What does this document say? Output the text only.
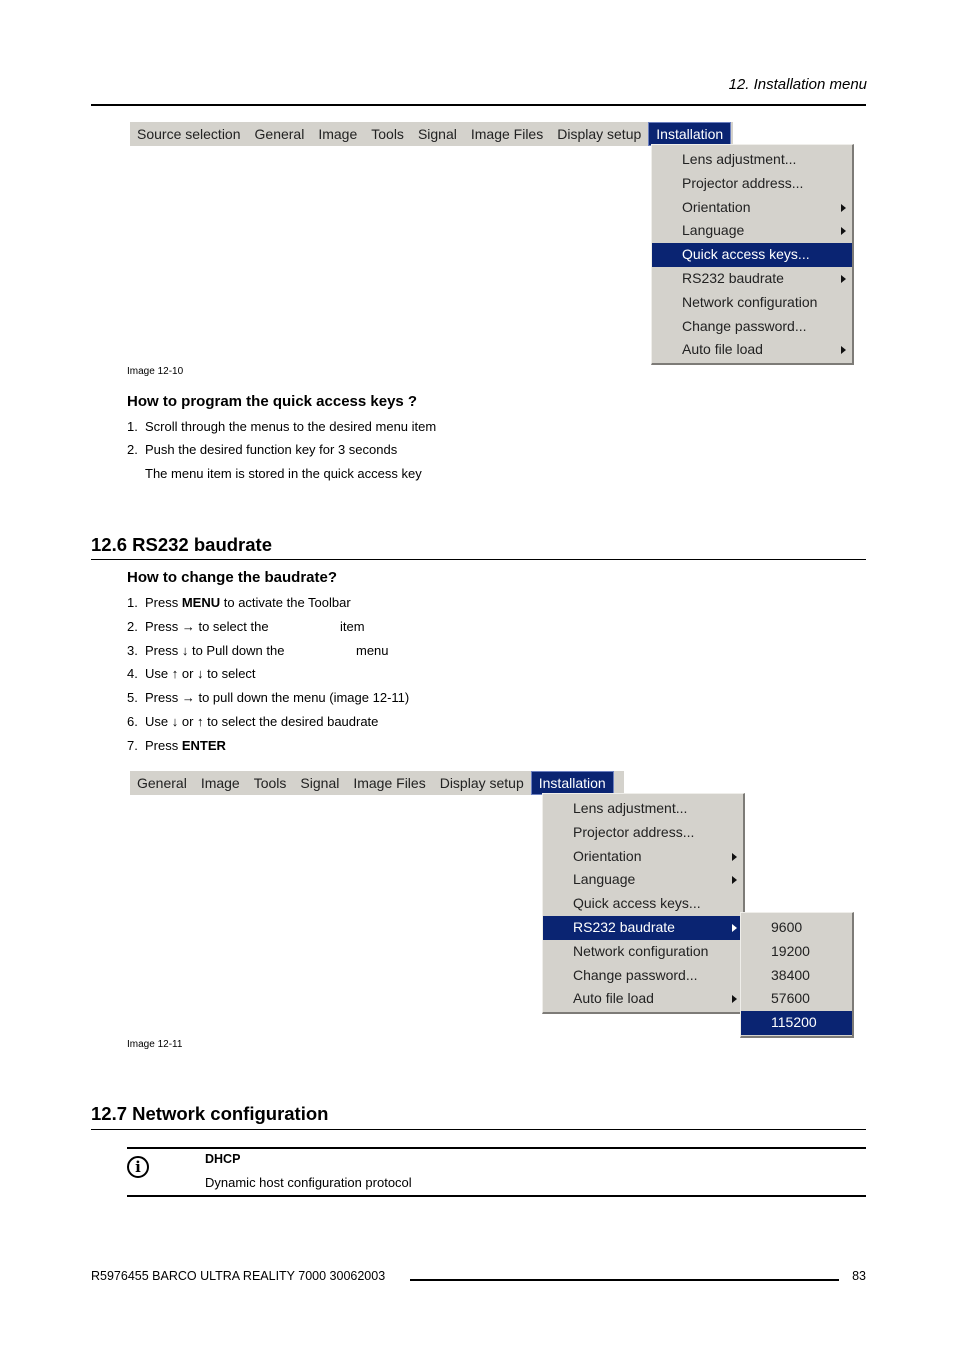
12. Installation menu
Source selection	General	Image	Tools	Signal	Image Files	Display setup	Installation
Lens adjustment...
Projector address...
Orientation
Language
Quick access keys...
RS232 baudrate
Network configuration
Change password...
Auto file load
Image 12-10
How to program the quick access keys ?
1. Scroll through the menus to the desired menu item
2. Push the desired function key for 3 seconds
The menu item is stored in the quick access key
12.6 RS232 baudrate
How to change the baudrate?
1. Press MENU to activate the Toolbar
2. Press → to select the	item
3. Press ↓ to Pull down the	menu
4. Use ↑ or ↓ to select
5. Press → to pull down the menu (image 12-11)
6. Use ↓ or ↑ to select the desired baudrate
7. Press ENTER
General	Image	Tools	Signal	Image Files	Display setup	Installation
Lens adjustment...
Projector address...
Orientation
Language
Quick access keys...
RS232 baudrate
Network configuration
Change password...
Auto file load
9600
19200
38400
57600
115200
Image 12-11
12.7 Network configuration
i	DHCP
Dynamic host configuration protocol
R5976455 BARCO ULTRA REALITY 7000 30062003	83
